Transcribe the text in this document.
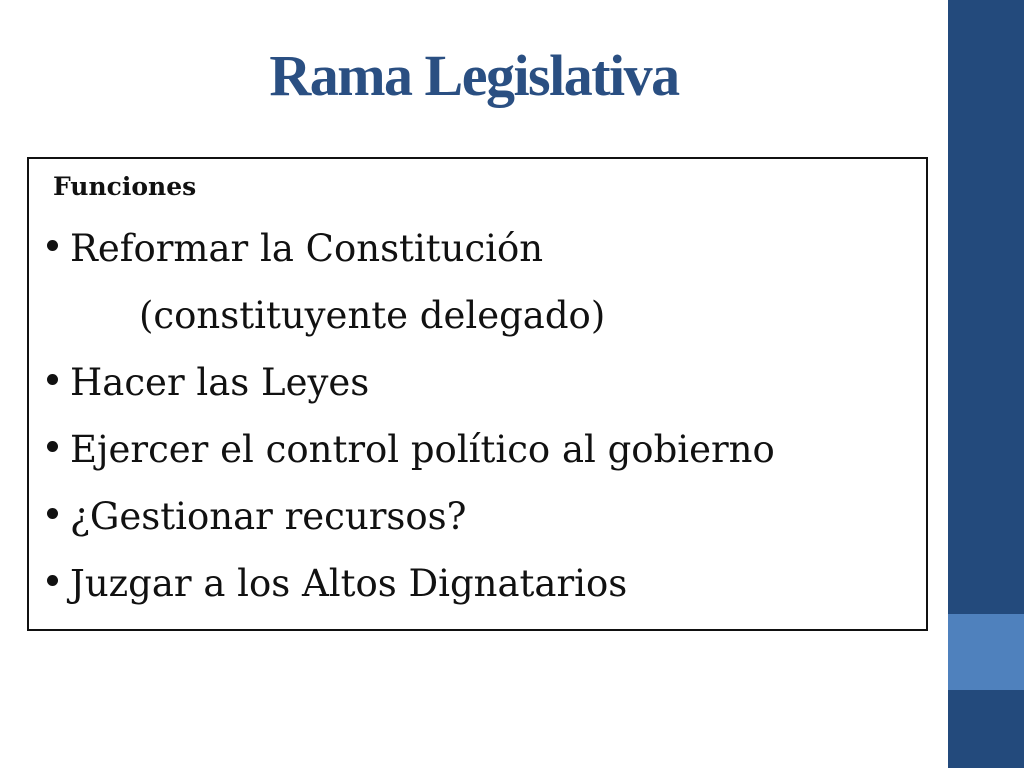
Rama Legislativa
Funciones
Reformar la Constitución
(constituyente delegado)
Hacer las Leyes
Ejercer el control político al gobierno
¿Gestionar recursos?
Juzgar a los Altos Dignatarios
